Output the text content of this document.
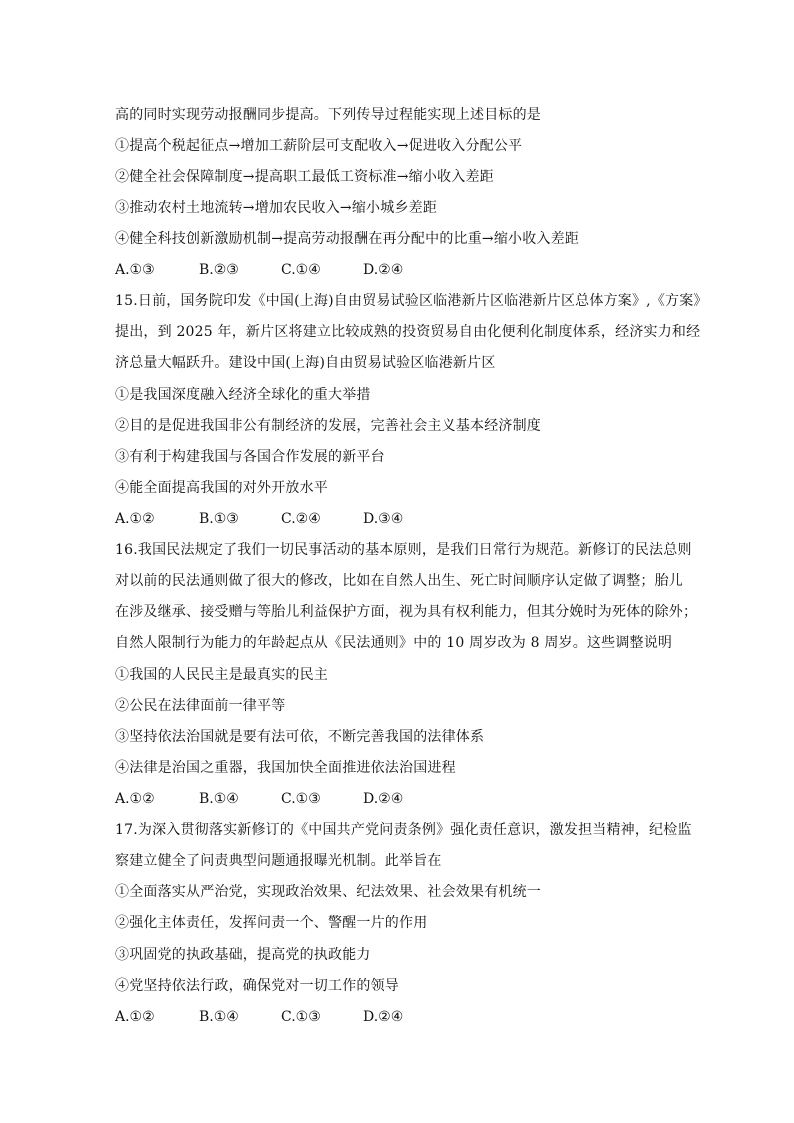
高的同时实现劳动报酬同步提高。下列传导过程能实现上述目标的是
①提高个税起征点→增加工薪阶层可支配收入→促进收入分配公平
②健全社会保障制度→提高职工最低工资标准→缩小收入差距
③推动农村土地流转→增加农民收入→缩小城乡差距
④健全科技创新激励机制→提高劳动报酬在再分配中的比重→缩小收入差距
A.①③	B.②③	C.①④	D.②④
15.日前，国务院印发《中国(上海)自由贸易试验区临港新片区临港新片区总体方案》,《方案》
提出，到 2025 年，新片区将建立比较成熟的投资贸易自由化便利化制度体系，经济实力和经
济总量大幅跃升。建设中国(上海)自由贸易试验区临港新片区
①是我国深度融入经济全球化的重大举措
②目的是促进我国非公有制经济的发展，完善社会主义基本经济制度
③有利于构建我国与各国合作发展的新平台
④能全面提高我国的对外开放水平
A.①②	B.①③	C.②④	D.③④
16.我国民法规定了我们一切民事活动的基本原则，是我们日常行为规范。新修订的民法总则
对以前的民法通则做了很大的修改，比如在自然人出生、死亡时间顺序认定做了调整；胎儿
在涉及继承、接受赠与等胎儿利益保护方面，视为具有权利能力，但其分娩时为死体的除外；
自然人限制行为能力的年龄起点从《民法通则》中的 10 周岁改为 8 周岁。这些调整说明
①我国的人民民主是最真实的民主
②公民在法律面前一律平等
③坚持依法治国就是要有法可依，不断完善我国的法律体系
④法律是治国之重器，我国加快全面推进依法治国进程
A.①②	B.①④	C.①③	D.②④
17.为深入贯彻落实新修订的《中国共产党问责条例》强化责任意识，激发担当精神，纪检监
察建立健全了问责典型问题通报曝光机制。此举旨在
①全面落实从严治党，实现政治效果、纪法效果、社会效果有机统一
②强化主体责任，发挥问责一个、警醒一片的作用
③巩固党的执政基础，提高党的执政能力
④党坚持依法行政，确保党对一切工作的领导
A.①②	B.①④	C.①③	D.②④
